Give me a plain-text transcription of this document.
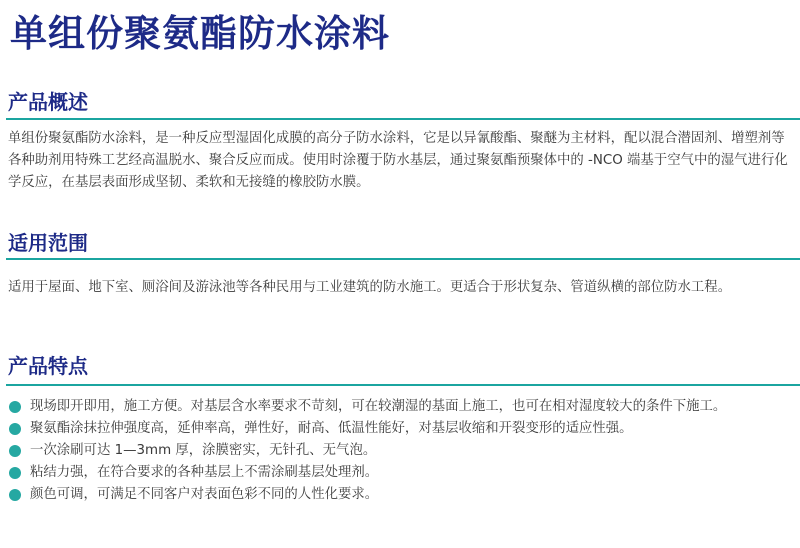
单组份聚氨酯防水涂料
产品概述

单组份聚氨酯防水涂料，是一种反应型湿固化成膜的高分子防水涂料，它是以异氰酸酯、聚醚为主材料，配以混合潜固剂、增塑剂等各种助剂用特殊工艺经高温脱水、聚合反应而成。使用时涂覆于防水基层，通过聚氨酯预聚体中的 -NCO 端基于空气中的湿气进行化学反应，在基层表面形成坚韧、柔软和无接缝的橡胶防水膜。

适用范围

适用于屋面、地下室、厕浴间及游泳池等各种民用与工业建筑的防水施工。更适合于形状复杂、管道纵横的部位防水工程。

产品特点
现场即开即用，施工方便。对基层含水率要求不苛刻，可在较潮湿的基面上施工，也可在相对湿度较大的条件下施工。
聚氨酯涂抹拉伸强度高，延伸率高，弹性好，耐高、低温性能好，对基层收缩和开裂变形的适应性强。
一次涂刷可达 1—3mm 厚，涂膜密实，无针孔、无气泡。
粘结力强，在符合要求的各种基层上不需涂刷基层处理剂。
颜色可调，可满足不同客户对表面色彩不同的人性化要求。
